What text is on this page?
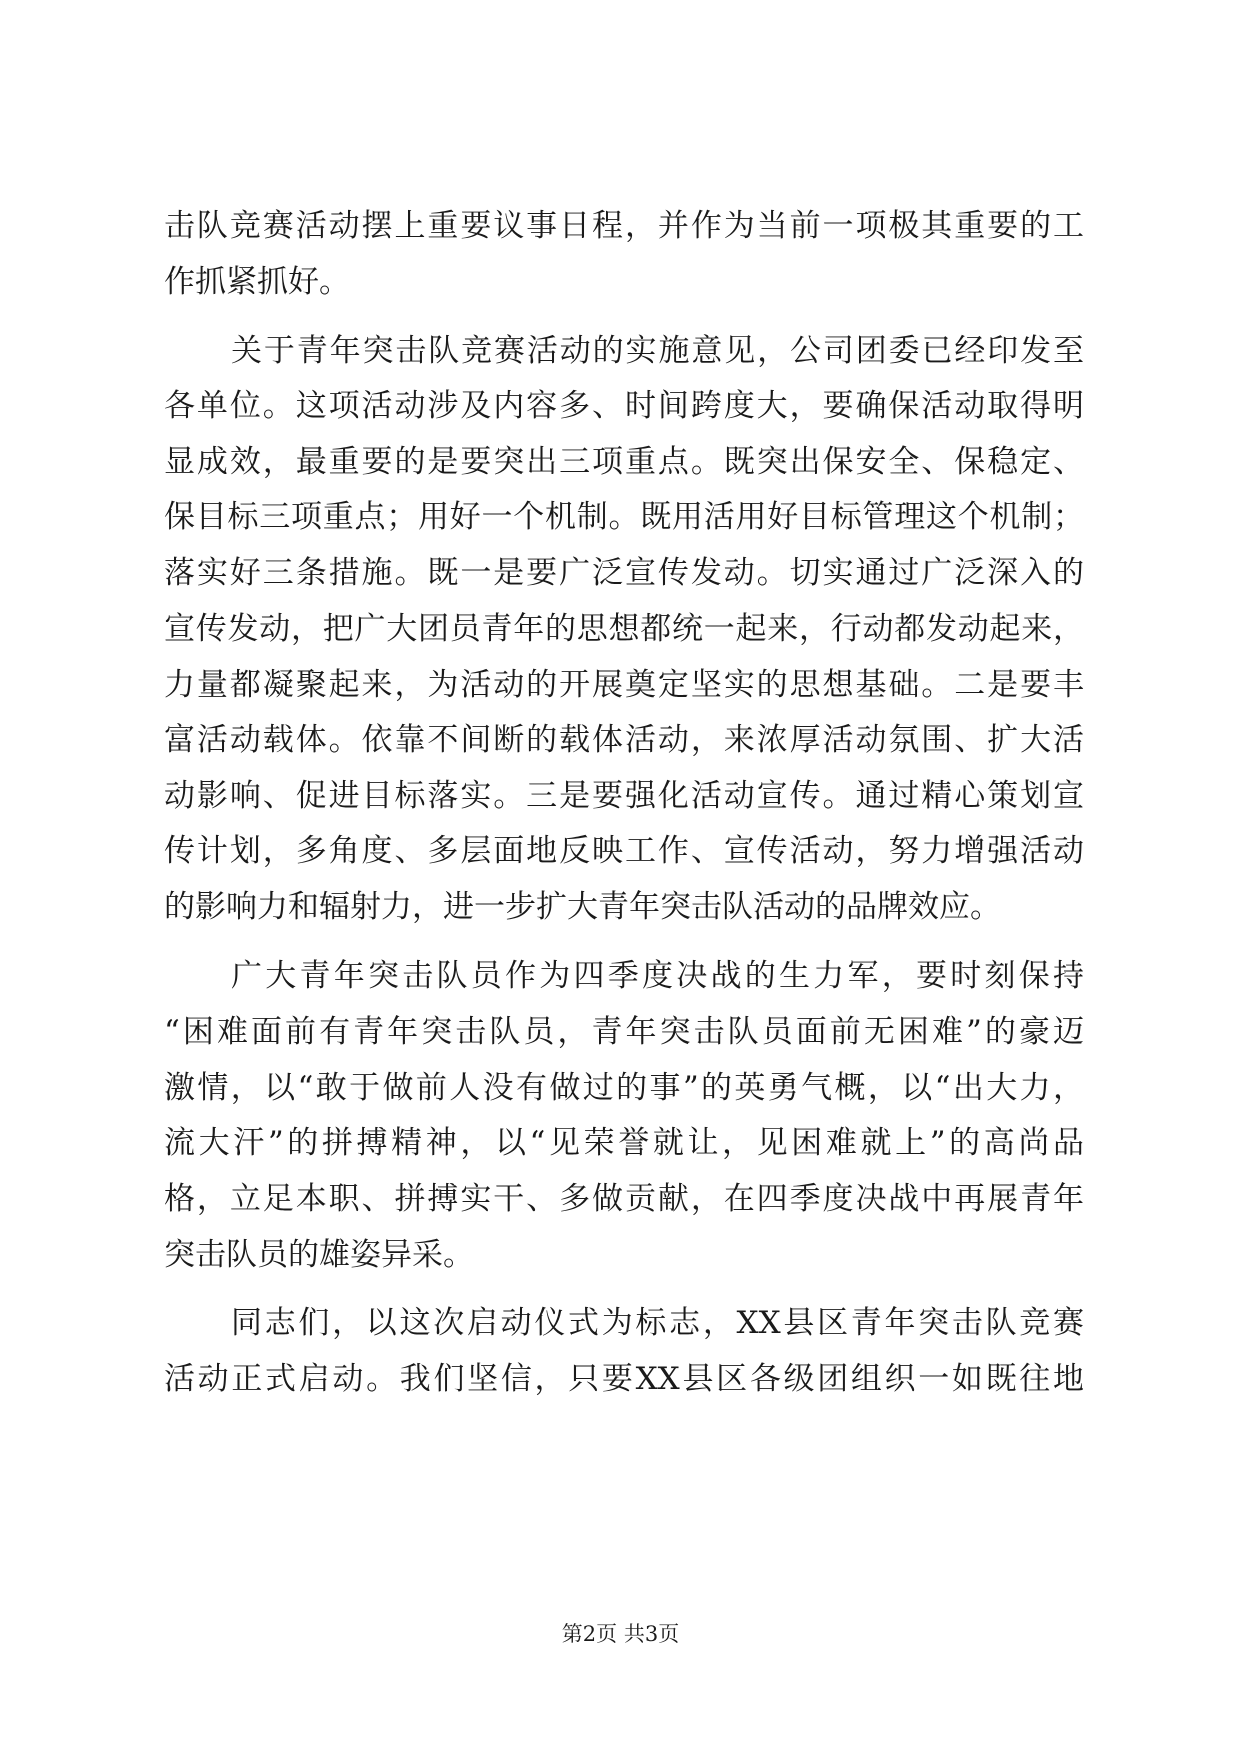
击队竞赛活动摆上重要议事日程，并作为当前一项极其重要的工
作抓紧抓好。
关于青年突击队竞赛活动的实施意见，公司团委已经印发至
各单位。这项活动涉及内容多、时间跨度大，要确保活动取得明
显成效，最重要的是要突出三项重点。既突出保安全、保稳定、
保目标三项重点；用好一个机制。既用活用好目标管理这个机制；
落实好三条措施。既一是要广泛宣传发动。切实通过广泛深入的
宣传发动，把广大团员青年的思想都统一起来，行动都发动起来，
力量都凝聚起来，为活动的开展奠定坚实的思想基础。二是要丰
富活动载体。依靠不间断的载体活动，来浓厚活动氛围、扩大活
动影响、促进目标落实。三是要强化活动宣传。通过精心策划宣
传计划，多角度、多层面地反映工作、宣传活动，努力增强活动
的影响力和辐射力，进一步扩大青年突击队活动的品牌效应。
广大青年突击队员作为四季度决战的生力军，要时刻保持
“困难面前有青年突击队员，青年突击队员面前无困难”的豪迈
激情，以“敢于做前人没有做过的事”的英勇气概，以“出大力，
流大汗”的拼搏精神，以“见荣誉就让，见困难就上”的高尚品
格，立足本职、拼搏实干、多做贡献，在四季度决战中再展青年
突击队员的雄姿异采。
同志们，以这次启动仪式为标志，XX县区青年突击队竞赛
活动正式启动。我们坚信，只要XX县区各级团组织一如既往地
第2页 共3页
